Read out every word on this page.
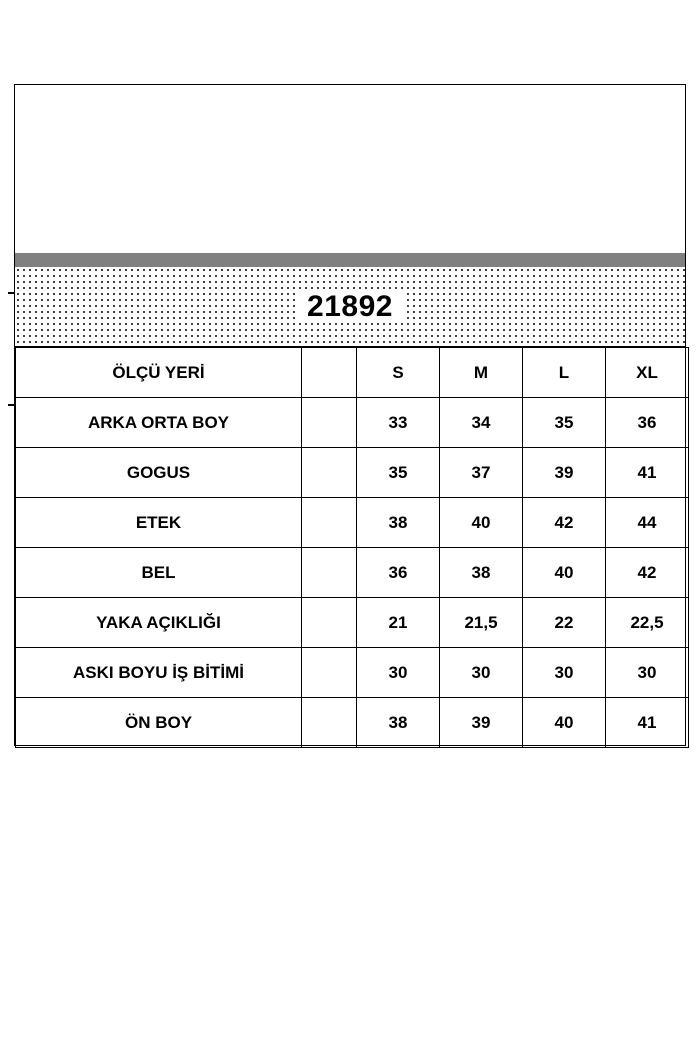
21892
ÖLÇÜ YERİ		S	M	L	XL
ARKA ORTA BOY		33	34	35	36
GOGUS		35	37	39	41
ETEK		38	40	42	44
BEL		36	38	40	42
YAKA AÇIKLIĞI		21	21,5	22	22,5
ASKI BOYU İŞ BİTİMİ		30	30	30	30
ÖN BOY		38	39	40	41
